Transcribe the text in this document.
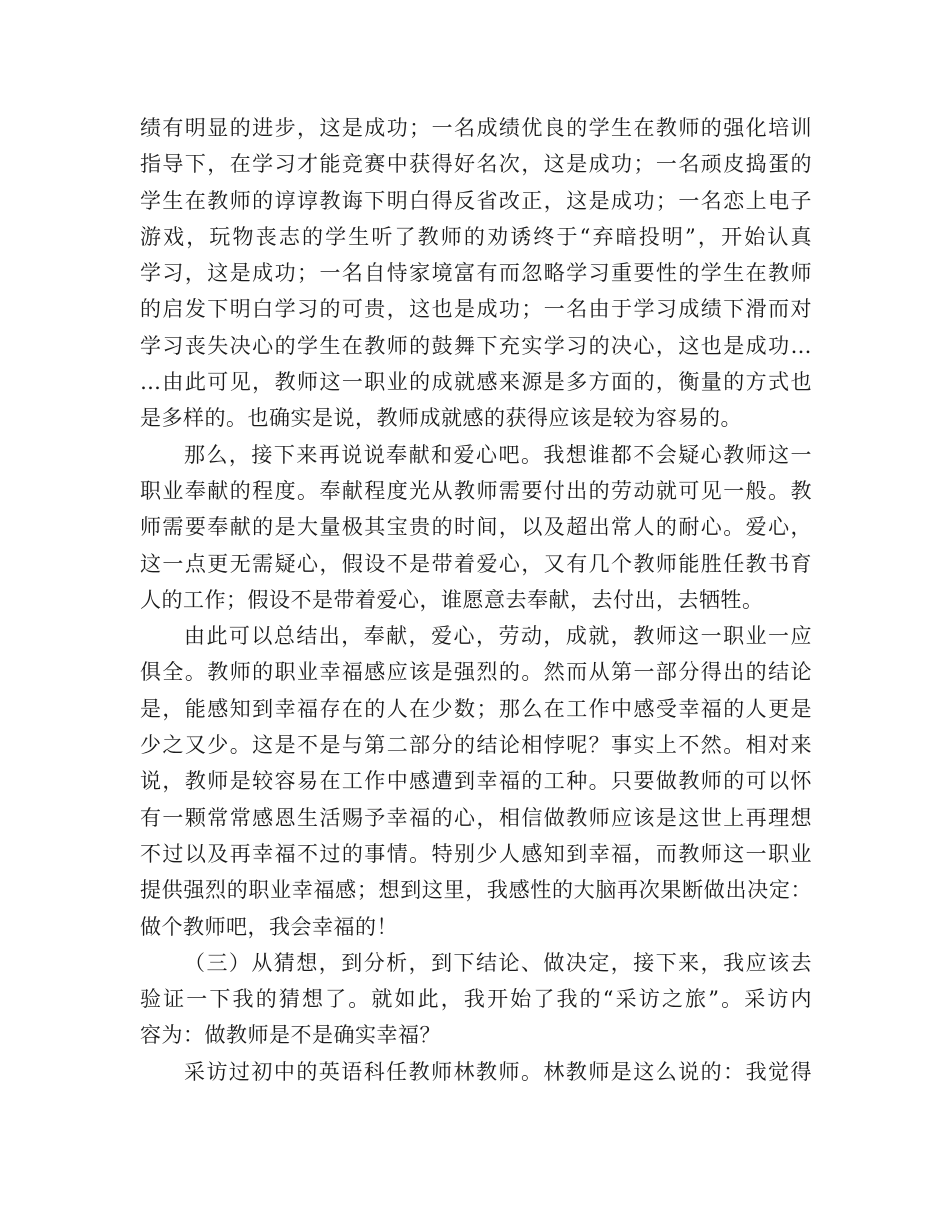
绩有明显的进步，这是成功；一名成绩优良的学生在教师的强化培训
指导下，在学习才能竞赛中获得好名次，这是成功；一名顽皮捣蛋的
学生在教师的谆谆教诲下明白得反省改正，这是成功；一名恋上电子
游戏，玩物丧志的学生听了教师的劝诱终于“弃暗投明”，开始认真
学习，这是成功；一名自恃家境富有而忽略学习重要性的学生在教师
的启发下明白学习的可贵，这也是成功；一名由于学习成绩下滑而对
学习丧失决心的学生在教师的鼓舞下充实学习的决心，这也是成功…
…由此可见，教师这一职业的成就感来源是多方面的，衡量的方式也
是多样的。也确实是说，教师成就感的获得应该是较为容易的。
那么，接下来再说说奉献和爱心吧。我想谁都不会疑心教师这一
职业奉献的程度。奉献程度光从教师需要付出的劳动就可见一般。教
师需要奉献的是大量极其宝贵的时间，以及超出常人的耐心。爱心，
这一点更无需疑心，假设不是带着爱心，又有几个教师能胜任教书育
人的工作；假设不是带着爱心，谁愿意去奉献，去付出，去牺牲。
由此可以总结出，奉献，爱心，劳动，成就，教师这一职业一应
俱全。教师的职业幸福感应该是强烈的。然而从第一部分得出的结论
是，能感知到幸福存在的人在少数；那么在工作中感受幸福的人更是
少之又少。这是不是与第二部分的结论相悖呢？事实上不然。相对来
说，教师是较容易在工作中感遭到幸福的工种。只要做教师的可以怀
有一颗常常感恩生活赐予幸福的心，相信做教师应该是这世上再理想
不过以及再幸福不过的事情。特别少人感知到幸福，而教师这一职业
提供强烈的职业幸福感；想到这里，我感性的大脑再次果断做出决定：
做个教师吧，我会幸福的！
（三）从猜想，到分析，到下结论、做决定，接下来，我应该去
验证一下我的猜想了。就如此，我开始了我的“采访之旅”。采访内
容为：做教师是不是确实幸福？
采访过初中的英语科任教师林教师。林教师是这么说的：我觉得
